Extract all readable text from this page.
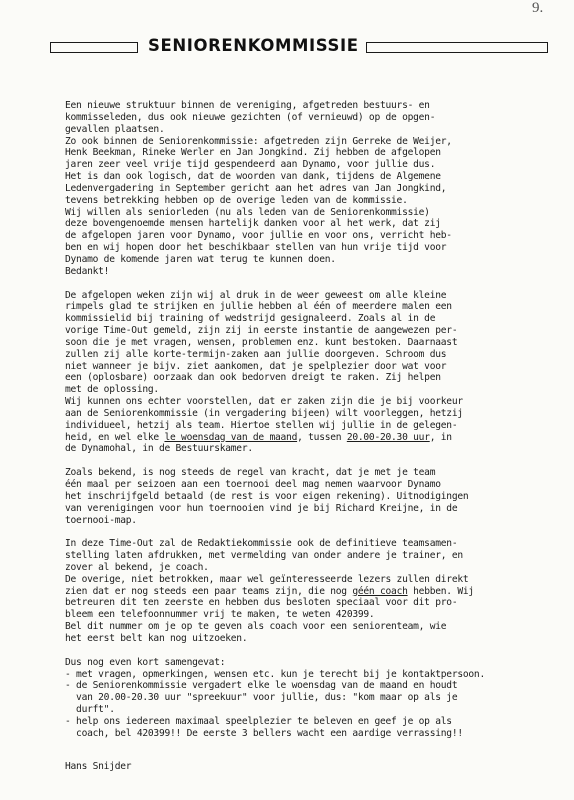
9.
SENIORENKOMMISSIE
Een nieuwe struktuur binnen de vereniging, afgetreden bestuurs- en
kommisseleden, dus ook nieuwe gezichten (of vernieuwd) op de opgen-
gevallen plaatsen.
Zo ook binnen de Seniorenkommissie: afgetreden zijn Gerreke de Weijer,
Henk Beekman, Rineke Werler en Jan Jongkind. Zij hebben de afgelopen
jaren zeer veel vrije tijd gespendeerd aan Dynamo, voor jullie dus.
Het is dan ook logisch, dat de woorden van dank, tijdens de Algemene
Ledenvergadering in September gericht aan het adres van Jan Jongkind,
tevens betrekking hebben op de overige leden van de kommissie.
Wij willen als seniorleden (nu als leden van de Seniorenkommissie)
deze bovengenoemde mensen hartelijk danken voor al het werk, dat zij
de afgelopen jaren voor Dynamo, voor jullie en voor ons, verricht heb-
ben en wij hopen door het beschikbaar stellen van hun vrije tijd voor
Dynamo de komende jaren wat terug te kunnen doen.
Bedankt!
De afgelopen weken zijn wij al druk in de weer geweest om alle kleine
rimpels glad te strijken en jullie hebben al één of meerdere malen een
kommissielid bij training of wedstrijd gesignaleerd. Zoals al in de
vorige Time-Out gemeld, zijn zij in eerste instantie de aangewezen per-
soon die je met vragen, wensen, problemen enz. kunt bestoken. Daarnaast
zullen zij alle korte-termijn-zaken aan jullie doorgeven. Schroom dus
niet wanneer je bijv. ziet aankomen, dat je spelplezier door wat voor
een (oplosbare) oorzaak dan ook bedorven dreigt te raken. Zij helpen
met de oplossing.
Wij kunnen ons echter voorstellen, dat er zaken zijn die je bij voorkeur
aan de Seniorenkommissie (in vergadering bijeen) wilt voorleggen, hetzij
individueel, hetzij als team. Hiertoe stellen wij jullie in de gelegen-
heid, en wel elke le woensdag van de maand, tussen 20.00-20.30 uur, in
de Dynamohal, in de Bestuurskamer.
Zoals bekend, is nog steeds de regel van kracht, dat je met je team
één maal per seizoen aan een toernooi deel mag nemen waarvoor Dynamo
het inschrijfgeld betaald (de rest is voor eigen rekening). Uitnodigingen
van verenigingen voor hun toernooien vind je bij Richard Kreijne, in de
toernooi-map.
In deze Time-Out zal de Redaktiekommissie ook de definitieve teamsamen-
stelling laten afdrukken, met vermelding van onder andere je trainer, en
zover al bekend, je coach.
De overige, niet betrokken, maar wel geïnteresseerde lezers zullen direkt
zien dat er nog steeds een paar teams zijn, die nog géén coach hebben. Wij
betreuren dit ten zeerste en hebben dus besloten speciaal voor dit pro-
bleem een telefoonnummer vrij te maken, te weten 420399.
Bel dit nummer om je op te geven als coach voor een seniorenteam, wie
het eerst belt kan nog uitzoeken.
Dus nog even kort samengevat:
- met vragen, opmerkingen, wensen etc. kun je terecht bij je kontaktpersoon.
- de Seniorenkommissie vergadert elke le woensdag van de maand en houdt
van 20.00-20.30 uur "spreekuur" voor jullie, dus: "kom maar op als je
durft".
- help ons iedereen maximaal speelplezier te beleven en geef je op als
coach, bel 420399!! De eerste 3 bellers wacht een aardige verrassing!!
Hans Snijder
